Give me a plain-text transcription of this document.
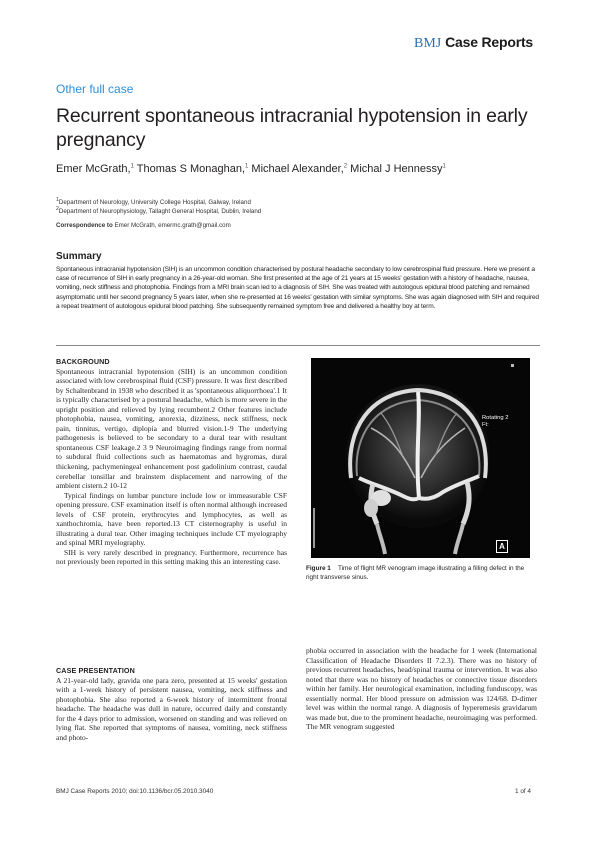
BMJ Case Reports
Other full case
Recurrent spontaneous intracranial hypotension in early pregnancy
Emer McGrath,$^1$ Thomas S Monaghan,$^1$ Michael Alexander,$^2$ Michal J Hennessy$^1$
$^1$Department of Neurology, University College Hospital, Galway, Ireland
$^2$Department of Neurophysiology, Tallaght General Hospital, Dublin, Ireland
Correspondence to Emer McGrath, emermc.grath@gmail.com
Summary
Spontaneous intracranial hypotension (SIH) is an uncommon condition characterised by postural headache secondary to low cerebrospinal fluid pressure. Here we present a case of recurrence of SIH in early pregnancy in a 26-year-old woman. She first presented at the age of 21 years at 15 weeks' gestation with a history of headache, nausea, vomiting, neck stiffness and photophobia. Findings from a MRI brain scan led to a diagnosis of SIH. She was treated with autologous epidural blood patching and remained asymptomatic until her second pregnancy 5 years later, when she re-presented at 16 weeks' gestation with similar symptoms. She was again diagnosed with SIH and required a repeat treatment of autologous epidural blood patching. She subsequently remained symptom free and delivered a healthy boy at term.

BACKGROUND

Spontaneous intracranial hypotension (SIH) is an uncommon condition associated with low cerebrospinal fluid (CSF) pressure. It was first described by Schaltenbrand in 1938 who described it as 'spontaneous aliquorrhoea'.1 It is typically characterised by a postural headache, which is more severe in the upright position and relieved by lying recumbent.2 Other features include photophobia, nausea, vomiting, anorexia, dizziness, neck stiffness, neck pain, tinnitus, vertigo, diplopia and blurred vision.1-9 The underlying pathogenesis is believed to be secondary to a dural tear with resultant spontaneous CSF leakage.2 3 9 Neuroimaging findings range from normal to subdural fluid collections such as haematomas and hygromas, dural thickening, pachymeningeal enhancement post gadolinium contrast, caudal cerebellar tonsillar and brainstem displacement and narrowing of the ambient cistern.2 10-12

Typical findings on lumbar puncture include low or immeasurable CSF opening pressure. CSF examination itself is often normal although increased levels of CSF protein, erythrocytes and lymphocytes, as well as xanthochromia, have been reported.13 CT cisternography is useful in illustrating a dural tear. Other imaging techniques include CT myelography and spinal MRI myelography.

SIH is very rarely described in pregnancy. Furthermore, recurrence has not previously been reported in this setting making this an interesting case.

CASE PRESENTATION

A 21-year-old lady, gravida one para zero, presented at 15 weeks' gestation with a 1-week history of persistent nausea, vomiting, neck stiffness and photophobia. She also reported a 6-week history of intermittent frontal headache. The headache was dull in nature, occurred daily and constantly for the 4 days prior to admission, worsened on standing and was relieved on lying flat. She reported that symptoms of nausea, vomiting, neck stiffness and photo-

Rotating 2
Ft:
A
Figure 1 Time of flight MR venogram image illustrating a filling defect in the right transverse sinus.

phobia occurred in association with the headache for 1 week (International Classification of Headache Disorders II 7.2.3). There was no history of previous recurrent headaches, head/spinal trauma or intervention. It was also noted that there was no history of headaches or connective tissue disorders within her family. Her neurological examination, including funduscopy, was essentially normal. Her blood pressure on admission was 124/68. D-dimer level was within the normal range. A diagnosis of hyperemesis gravidarum was made but, due to the prominent headache, neuroimaging was performed. The MR venogram suggested

BMJ Case Reports 2010; doi:10.1136/bcr.05.2010.3040	1 of 4
